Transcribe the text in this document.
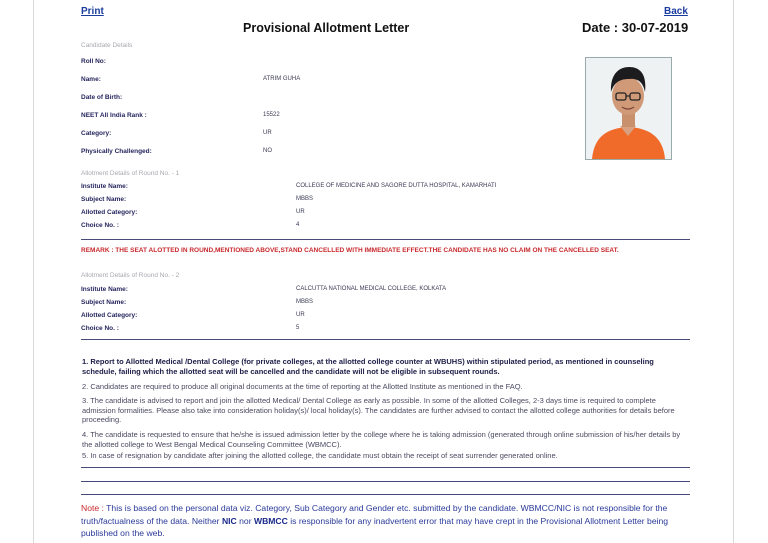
Print	Back
Provisional Allotment Letter	Date : 30-07-2019
Candidate Details
Roll No:
Name:	ATRIM GUHA
Date of Birth:
NEET All India Rank :	15522
Category:	UR
Physically Challenged:	NO
Allotment Details of Round No. - 1
Institute Name:	COLLEGE OF MEDICINE AND SAGORE DUTTA HOSPITAL, KAMARHATI
Subject Name:	MBBS
Allotted Category:	UR
Choice No. :	4
REMARK : THE SEAT ALOTTED IN ROUND,MENTIONED ABOVE,STAND CANCELLED WITH IMMEDIATE EFFECT.THE CANDIDATE HAS NO CLAIM ON THE CANCELLED SEAT.
Allotment Details of Round No. - 2
Institute Name:	CALCUTTA NATIONAL MEDICAL COLLEGE, KOLKATA
Subject Name:	MBBS
Allotted Category:	UR
Choice No. :	5
1. Report to Allotted Medical /Dental College (for private colleges, at the allotted college counter at WBUHS) within stipulated period, as mentioned in counseling schedule, failing which the allotted seat will be cancelled and the candidate will not be eligible in subsequent rounds.
2. Candidates are required to produce all original documents at the time of reporting at the Allotted Institute as mentioned in the FAQ.
3. The candidate is advised to report and join the allotted Medical/ Dental College as early as possible. In some of the allotted Colleges, 2-3 days time is required to complete admission formalities. Please also take into consideration holiday(s)/ local holiday(s). The candidates are further advised to contact the allotted college authorities for details before proceeding.
4. The candidate is requested to ensure that he/she is issued admission letter by the college where he is taking admission (generated through online submission of his/her details by the allotted college to West Bengal Medical Counseling Committee (WBMCC).
5. In case of resignation by candidate after joining the allotted college, the candidate must obtain the receipt of seat surrender generated online.
Note : This is based on the personal data viz. Category, Sub Category and Gender etc. submitted by the candidate. WBMCC/NIC is not responsible for the truth/factualness of the data. Neither NIC nor WBMCC is responsible for any inadvertent error that may have crept in the Provisional Allotment Letter being published on the web.
